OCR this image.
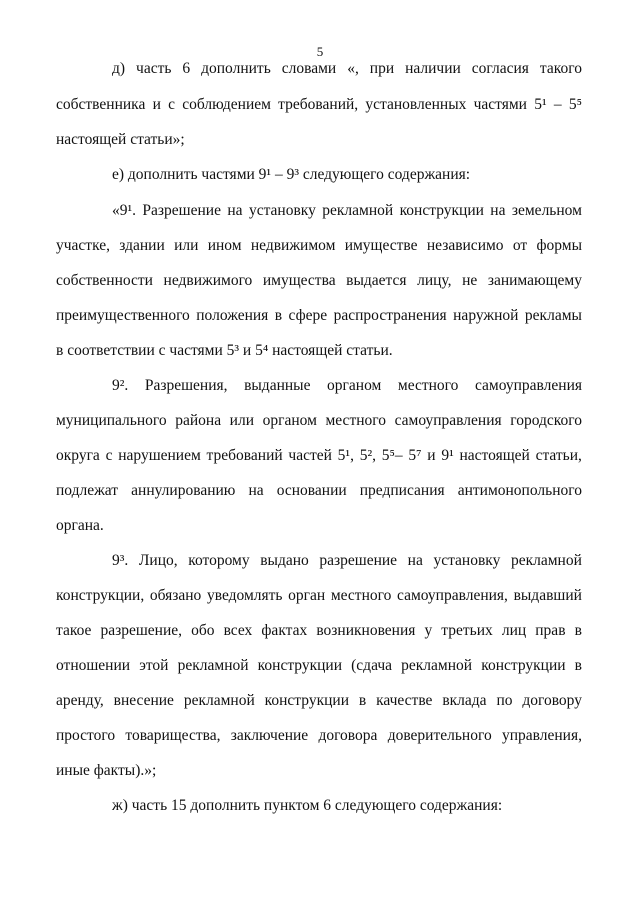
5
д) часть 6 дополнить словами «, при наличии согласия такого
собственника и с соблюдением требований, установленных частями 5¹ – 5⁵
настоящей статьи»;
е) дополнить частями 9¹ – 9³ следующего содержания:
«9¹. Разрешение на установку рекламной конструкции на земельном
участке, здании или ином недвижимом имуществе независимо от формы
собственности недвижимого имущества выдается лицу, не занимающему
преимущественного положения в сфере распространения наружной рекламы
в соответствии с частями 5³ и 5⁴ настоящей статьи.
9². Разрешения, выданные органом местного самоуправления
муниципального района или органом местного самоуправления городского
округа с нарушением требований частей 5¹, 5², 5⁵– 5⁷ и 9¹ настоящей статьи,
подлежат аннулированию на основании предписания антимонопольного
органа.
9³. Лицо, которому выдано разрешение на установку рекламной
конструкции, обязано уведомлять орган местного самоуправления, выдавший
такое разрешение, обо всех фактах возникновения у третьих лиц прав в
отношении этой рекламной конструкции (сдача рекламной конструкции в
аренду, внесение рекламной конструкции в качестве вклада по договору
простого товарищества, заключение договора доверительного управления,
иные факты).»;
ж) часть 15 дополнить пунктом 6 следующего содержания:
